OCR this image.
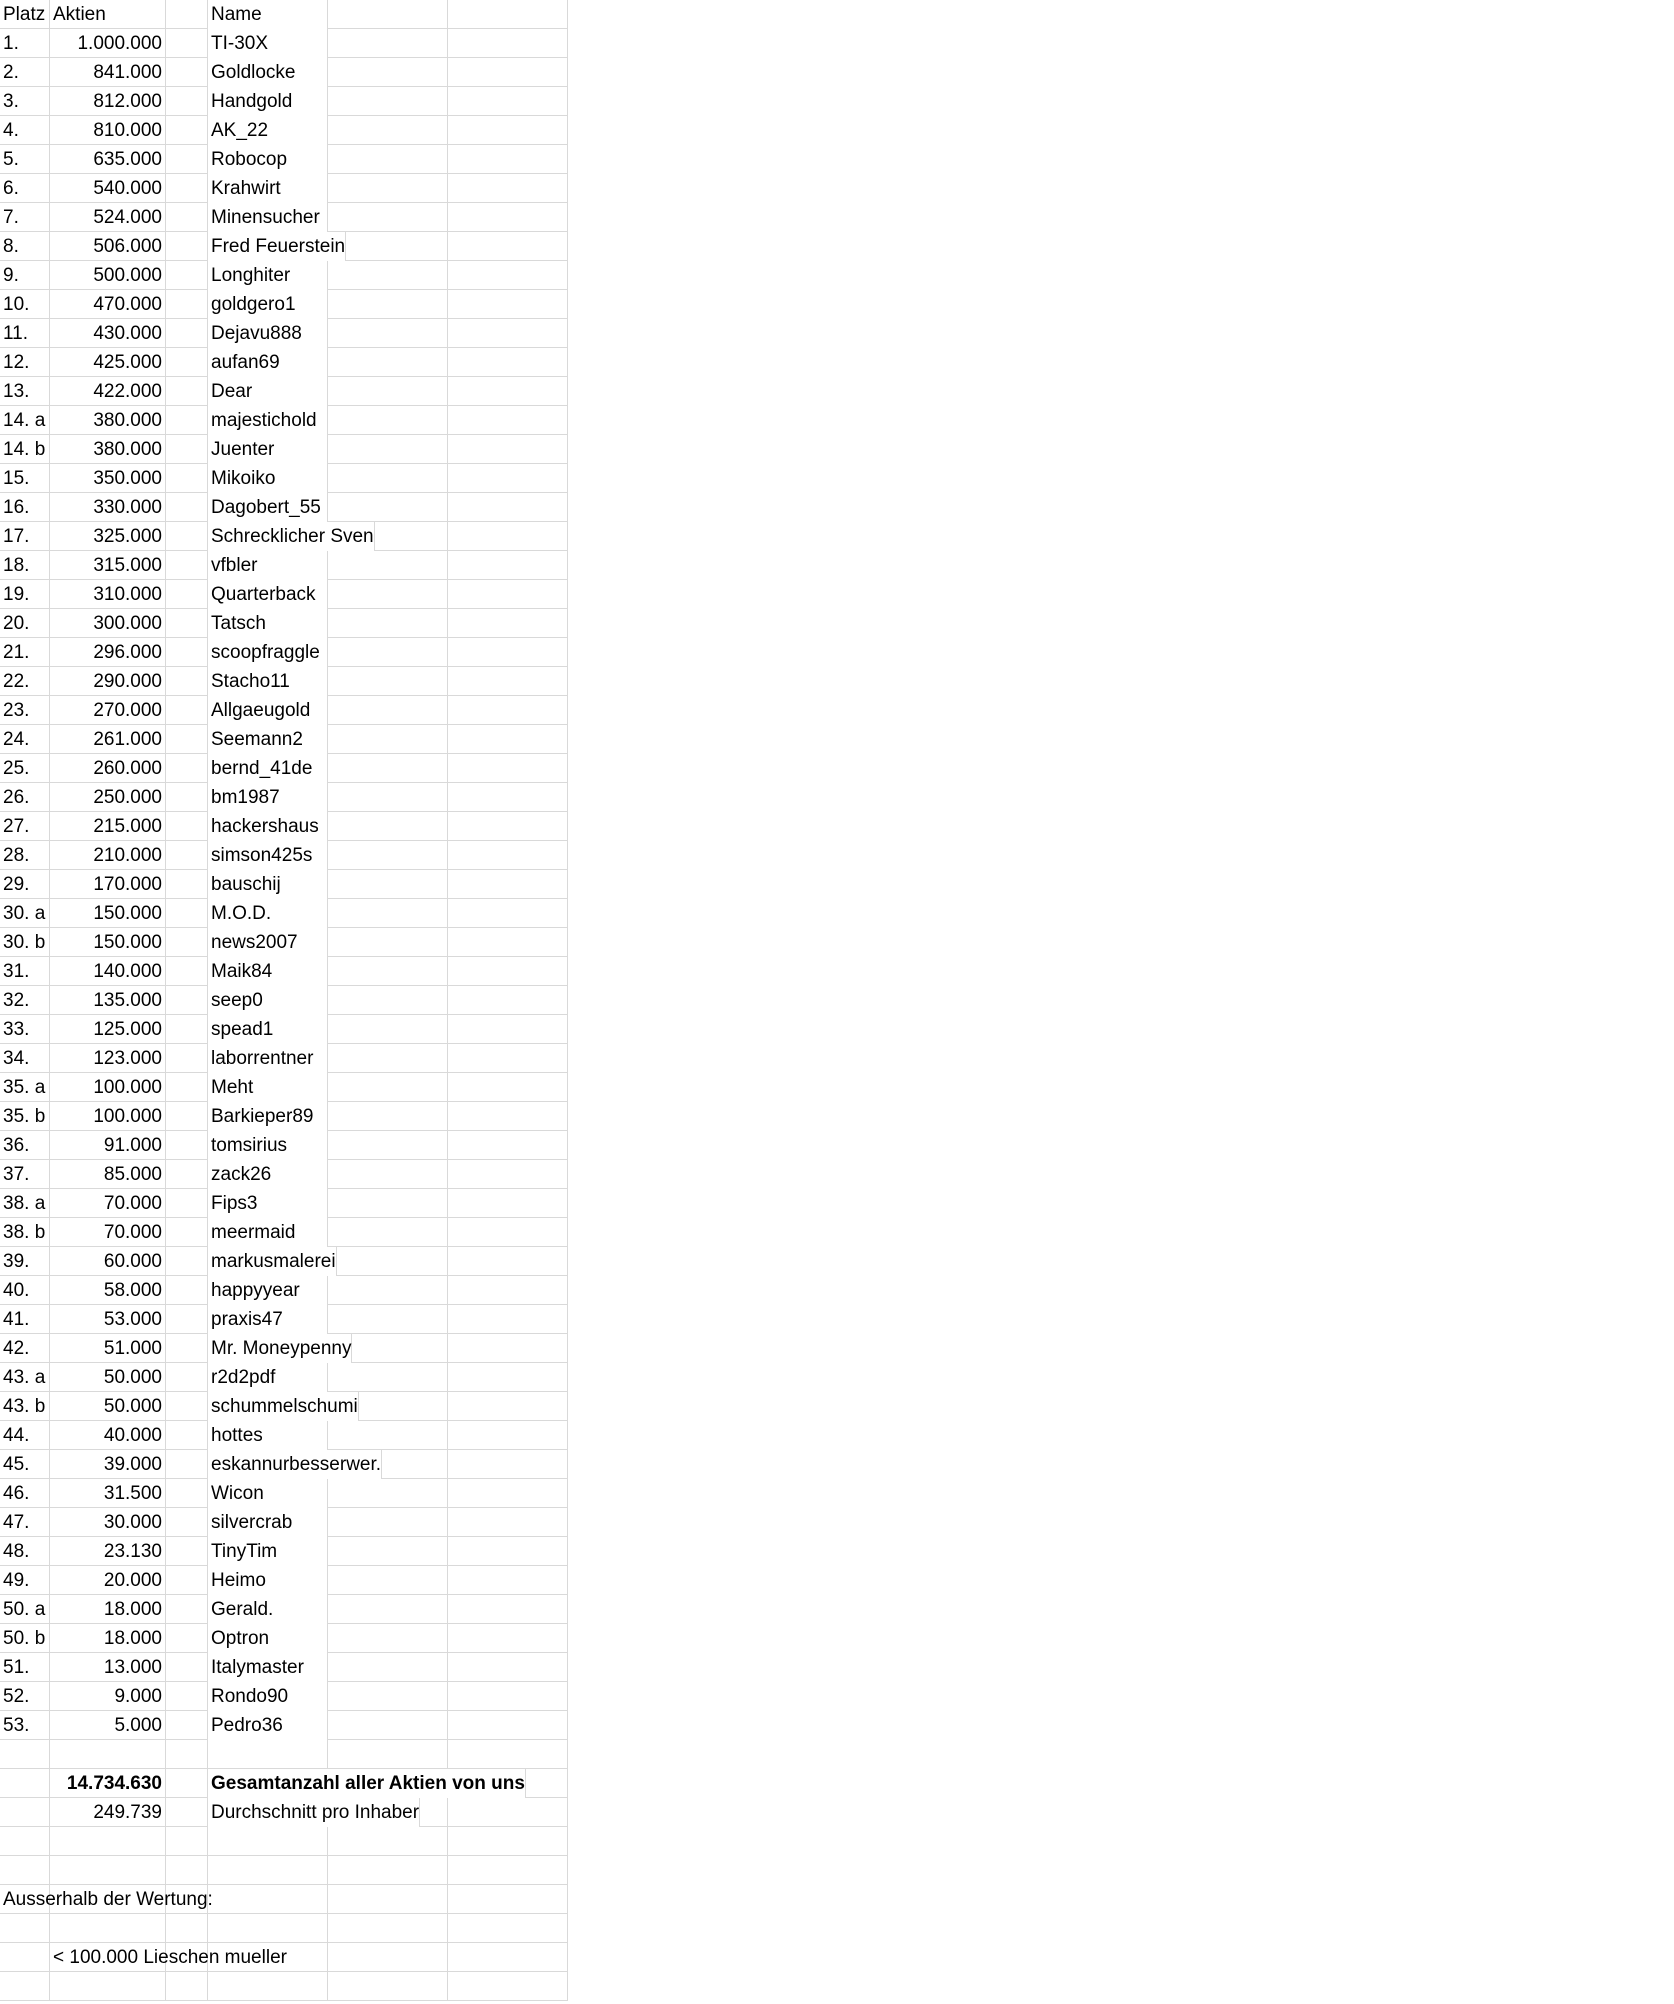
Platz Aktien	Name
1.	1.000.000	TI-30X
2.	841.000	Goldlocke
3.	812.000	Handgold
4.	810.000	AK_22
5.	635.000	Robocop
6.	540.000	Krahwirt
7.	524.000	Minensucher
8.	506.000	Fred Feuerstein
9.	500.000	Longhiter
10.	470.000	goldgero1
11.	430.000	Dejavu888
12.	425.000	aufan69
13.	422.000	Dear
14. a	380.000	majestichold
14. b	380.000	Juenter
15.	350.000	Mikoiko
16.	330.000	Dagobert_55
17.	325.000	Schrecklicher Sven
18.	315.000	vfbler
19.	310.000	Quarterback
20.	300.000	Tatsch
21.	296.000	scoopfraggle
22.	290.000	Stacho11
23.	270.000	Allgaeugold
24.	261.000	Seemann2
25.	260.000	bernd_41de
26.	250.000	bm1987
27.	215.000	hackershaus
28.	210.000	simson425s
29.	170.000	bauschij
30. a	150.000	M.O.D.
30. b	150.000	news2007
31.	140.000	Maik84
32.	135.000	seep0
33.	125.000	spead1
34.	123.000	laborrentner
35. a	100.000	Meht
35. b	100.000	Barkieper89
36.	91.000	tomsirius
37.	85.000	zack26
38. a	70.000	Fips3
38. b	70.000	meermaid
39.	60.000	markusmalerei
40.	58.000	happyyear
41.	53.000	praxis47
42.	51.000	Mr. Moneypenny
43. a	50.000	r2d2pdf
43. b	50.000	schummelschumi
44.	40.000	hottes
45.	39.000	eskannurbesserwer.
46.	31.500	Wicon
47.	30.000	silvercrab
48.	23.130	TinyTim
49.	20.000	Heimo
50. a	18.000	Gerald.
50. b	18.000	Optron
51.	13.000	Italymaster
52.	9.000	Rondo90
53.	5.000	Pedro36
14.734.630	Gesamtanzahl aller Aktien von uns
249.739	Durchschnitt pro Inhaber
Ausserhalb der Wertung:
< 100.000 Lieschen mueller
